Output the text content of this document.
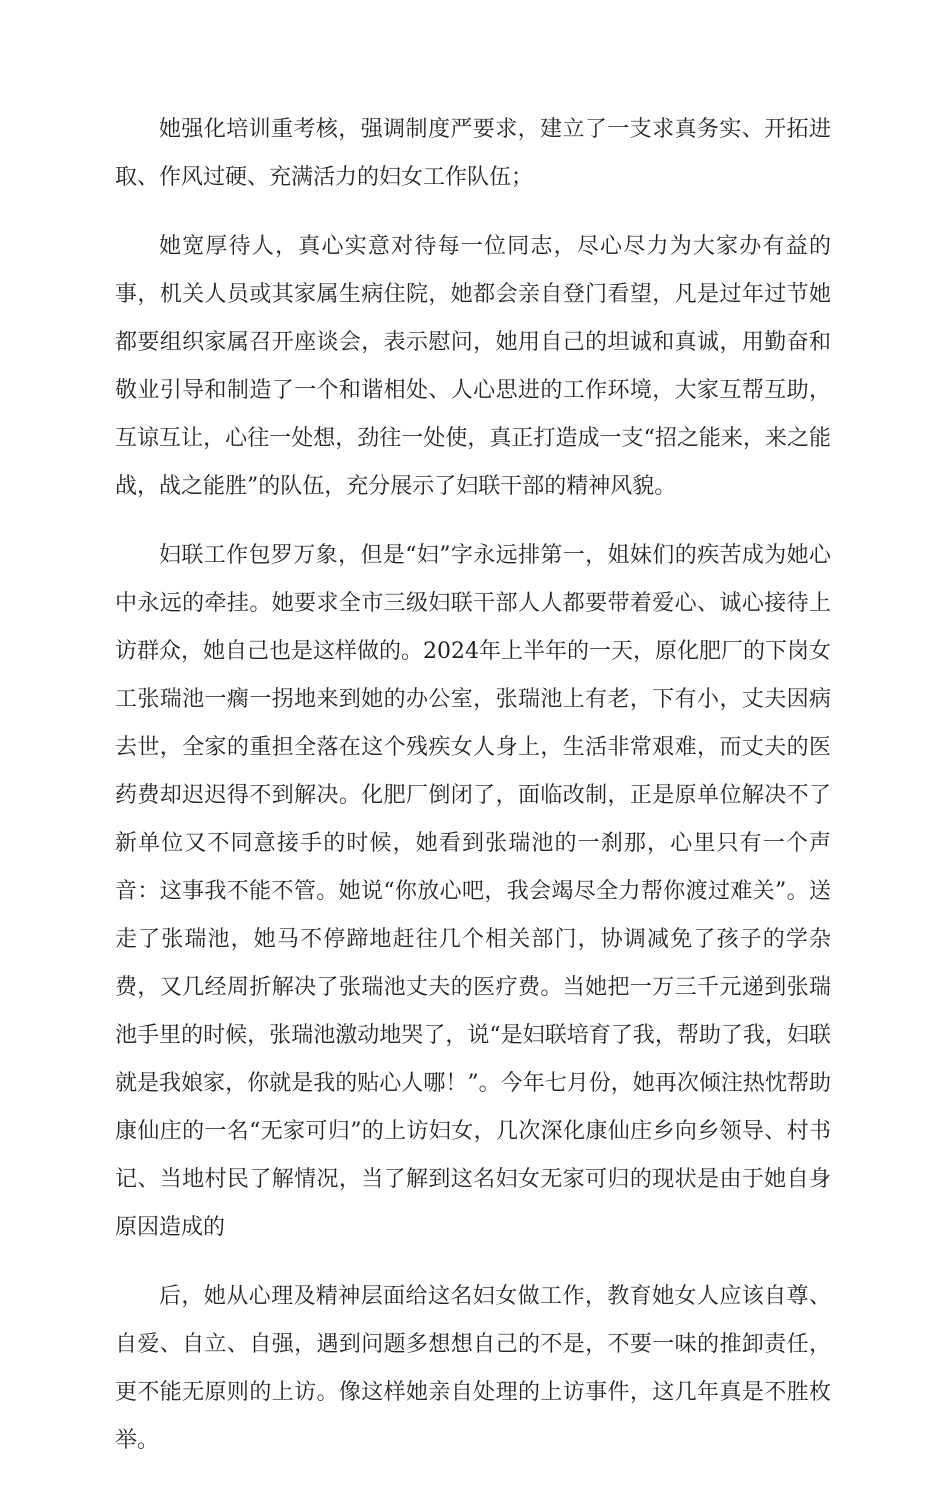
她强化培训重考核，强调制度严要求，建立了一支求真务实、开拓进取、作风过硬、充满活力的妇女工作队伍；

她宽厚待人，真心实意对待每一位同志，尽心尽力为大家办有益的事，机关人员或其家属生病住院，她都会亲自登门看望，凡是过年过节她都要组织家属召开座谈会，表示慰问，她用自己的坦诚和真诚，用勤奋和敬业引导和制造了一个和谐相处、人心思进的工作环境，大家互帮互助，互谅互让，心往一处想，劲往一处使，真正打造成一支“招之能来，来之能战，战之能胜”的队伍，充分展示了妇联干部的精神风貌。

妇联工作包罗万象，但是“妇”字永远排第一，姐妹们的疾苦成为她心中永远的牵挂。她要求全市三级妇联干部人人都要带着爱心、诚心接待上访群众，她自己也是这样做的。2024年上半年的一天，原化肥厂的下岗女工张瑞池一瘸一拐地来到她的办公室，张瑞池上有老，下有小，丈夫因病去世，全家的重担全落在这个残疾女人身上，生活非常艰难，而丈夫的医药费却迟迟得不到解决。化肥厂倒闭了，面临改制，正是原单位解决不了新单位又不同意接手的时候，她看到张瑞池的一刹那，心里只有一个声音：这事我不能不管。她说“你放心吧，我会竭尽全力帮你渡过难关”。送走了张瑞池，她马不停蹄地赶往几个相关部门，协调减免了孩子的学杂费，又几经周折解决了张瑞池丈夫的医疗费。当她把一万三千元递到张瑞池手里的时候，张瑞池激动地哭了，说“是妇联培育了我，帮助了我，妇联就是我娘家，你就是我的贴心人哪！”。今年七月份，她再次倾注热忱帮助康仙庄的一名“无家可归”的上访妇女，几次深化康仙庄乡向乡领导、村书记、当地村民了解情况，当了解到这名妇女无家可归的现状是由于她自身原因造成的

后，她从心理及精神层面给这名妇女做工作，教育她女人应该自尊、自爱、自立、自强，遇到问题多想想自己的不是，不要一味的推卸责任，更不能无原则的上访。像这样她亲自处理的上访事件，这几年真是不胜枚举。
